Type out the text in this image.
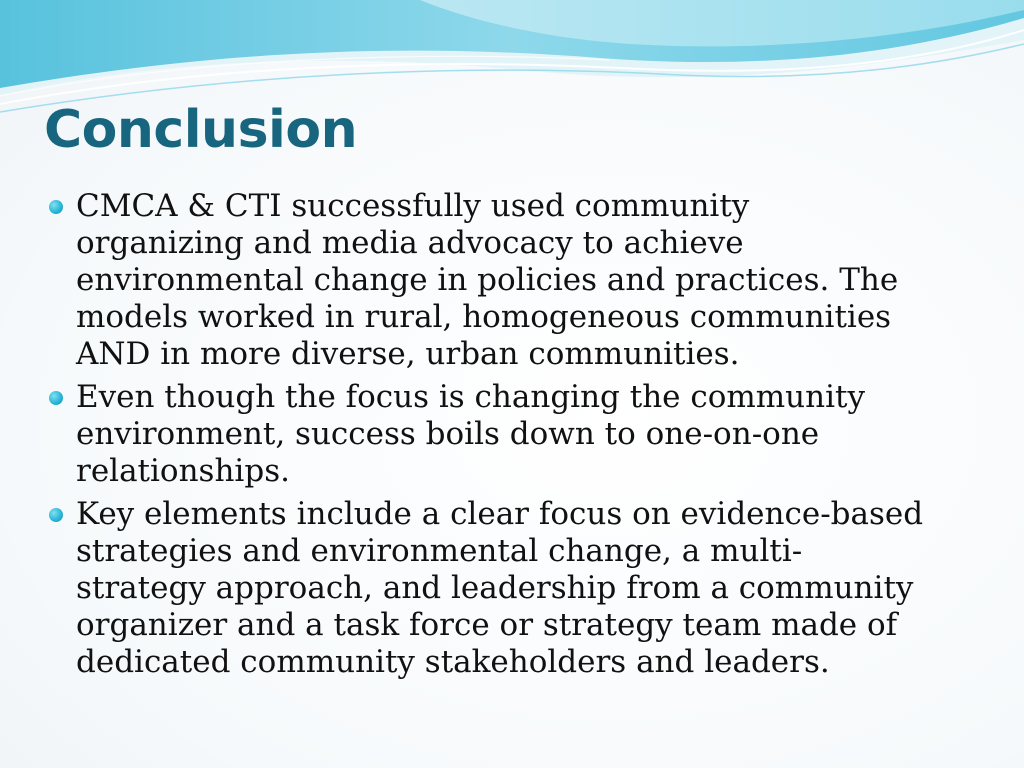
Conclusion
CMCA & CTI successfully used community
organizing and media advocacy to achieve
environmental change in policies and practices. The
models worked in rural, homogeneous communities
AND in more diverse, urban communities.
Even though the focus is changing the community
environment, success boils down to one-on-one
relationships.
Key elements include a clear focus on evidence-based
strategies and environmental change, a multi-
strategy approach, and leadership from a community
organizer and a task force or strategy team made of
dedicated community stakeholders and leaders.
